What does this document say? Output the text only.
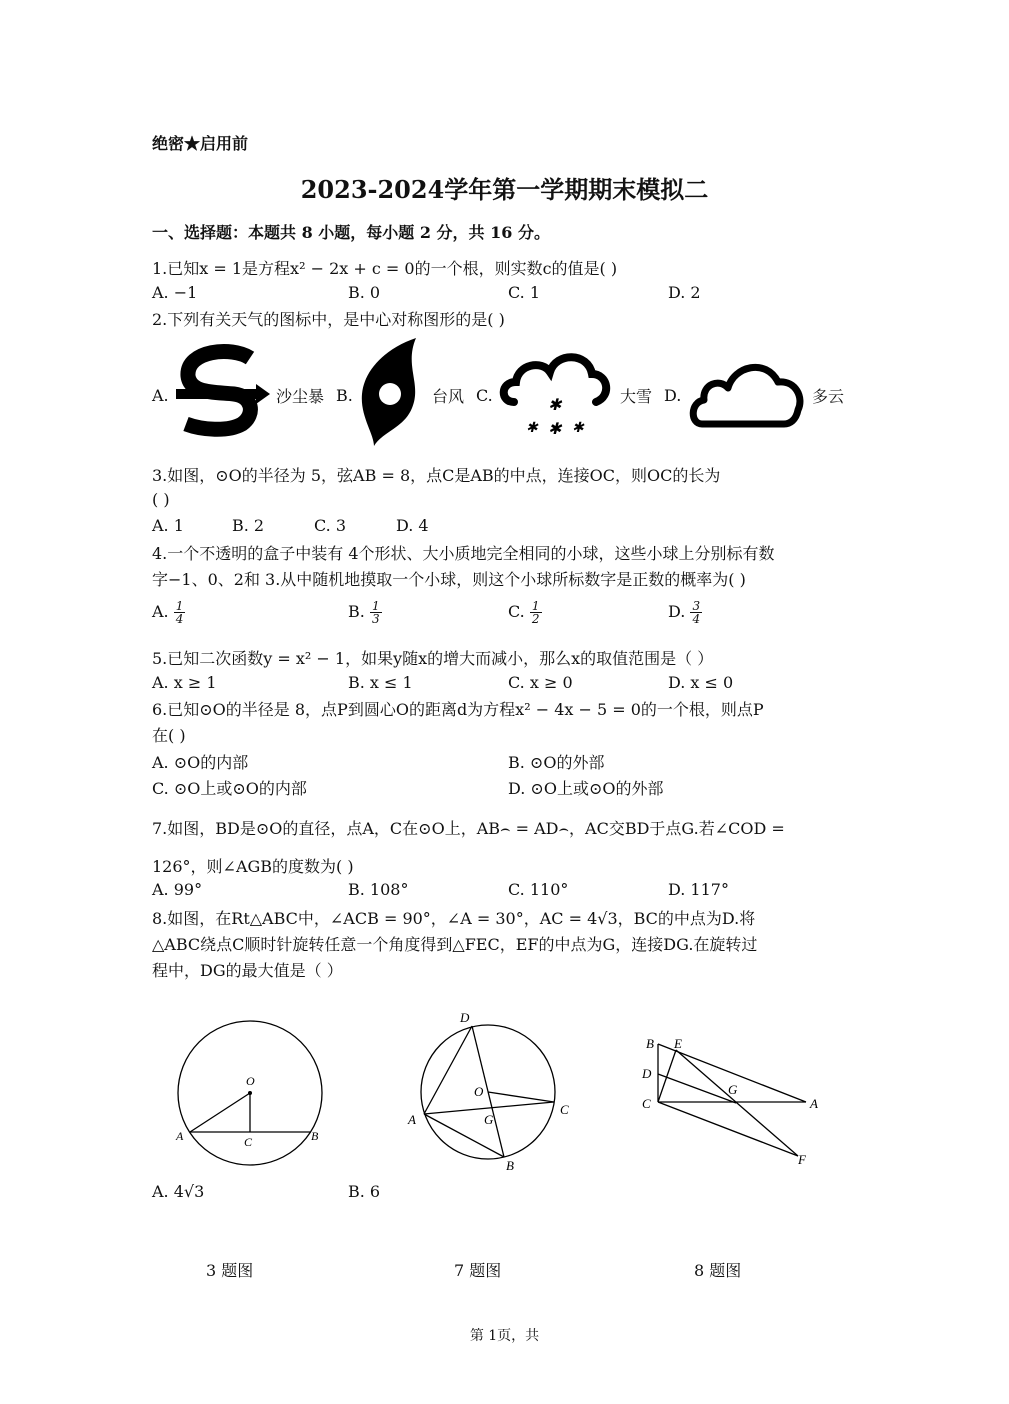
绝密★启用前
2023-2024学年第一学期期末模拟二
一、选择题：本题共 8 小题，每小题 2 分，共 16 分。
1.已知x = 1是方程x² − 2x + c = 0的一个根，则实数c的值是( )
A. −1	B. 0	C. 1	D. 2
2.下列有关天气的图标中，是中心对称图形的是( )
A.	沙尘暴 B.	台风 C.
✱
✱ ✱ ✱
大雪 D.	多云
3.如图，⊙O的半径为 5，弦AB = 8，点C是AB的中点，连接OC，则OC的长为
( )
A. 1	B. 2	C. 3	D. 4
4.一个不透明的盒子中装有 4个形状、大小质地完全相同的小球，这些小球上分别标有数
字−1、0、2和 3.从中随机地摸取一个小球，则这个小球所标数字是正数的概率为( )
A. $\frac{1}{4}$	B. $\frac{1}{3}$	C. $\frac{1}{2}$	D. $\frac{3}{4}$
5.已知二次函数y = x² − 1，如果y随x的增大而减小，那么x的取值范围是（ ）
A. x ≥ 1	B. x ≤ 1	C. x ≥ 0	D. x ≤ 0
6.已知⊙O的半径是 8，点P到圆心O的距离d为方程x² − 4x − 5 = 0的一个根，则点P
在( )
A. ⊙O的内部	B. ⊙O的外部
C. ⊙O上或⊙O的内部	D. ⊙O上或⊙O的外部
7.如图，BD是⊙O的直径，点A，C在⊙O上，AB⌢ = AD⌢，AC交BD于点G.若∠COD =
126°，则∠AGB的度数为( )
A. 99°	B. 108°	C. 110°	D. 117°
8.如图，在Rt△ABC中，∠ACB = 90°，∠A = 30°，AC = 4√3，BC的中点为D.将
△ABC绕点C顺时针旋转任意一个角度得到△FEC，EF的中点为G，连接DG.在旋转过
程中，DG的最大值是（ ）
O
A	C	B
D
O
A	G
C
B
B E
D
C
G
A
F
A. 4√3	B. 6
3 题图	7 题图	8 题图
第 1页，共
